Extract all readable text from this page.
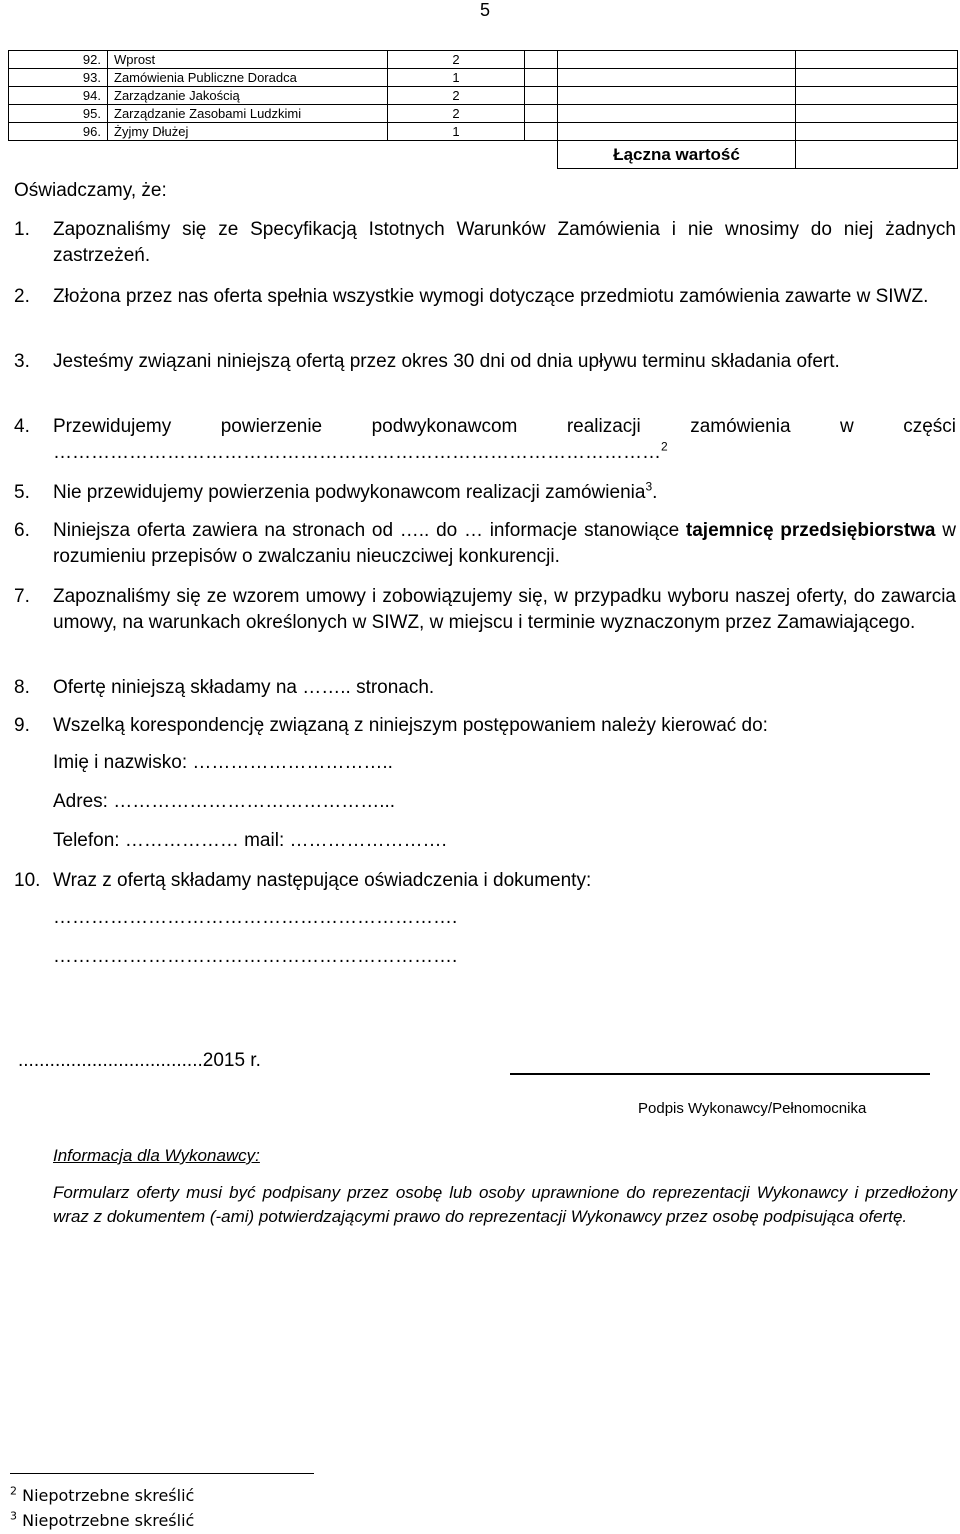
5
92.	Wprost	2			
93.	Zamówienia Publiczne Doradca	1			
94.	Zarządzanie Jakością	2			
95.	Zarządzanie Zasobami Ludzkimi	2			
96.	Żyjmy Dłużej	1			
				Łączna wartość	
Oświadczamy, że:
1. Zapoznaliśmy się ze Specyfikacją Istotnych Warunków Zamówienia i nie wnosimy do niej żadnych zastrzeżeń.
2. Złożona przez nas oferta spełnia wszystkie wymogi dotyczące przedmiotu zamówienia zawarte w SIWZ.
3. Jesteśmy związani niniejszą ofertą przez okres 30 dni od dnia upływu terminu składania ofert.
4. Przewidujemy powierzenie podwykonawcom realizacji zamówienia w części
……………………………………………………………………………………$^2$
5. Nie przewidujemy powierzenia podwykonawcom realizacji zamówienia$^3$.
6. Niniejsza oferta zawiera na stronach od ….. do … informacje stanowiące tajemnicę przedsiębiorstwa w rozumieniu przepisów o zwalczaniu nieuczciwej konkurencji.
7. Zapoznaliśmy się ze wzorem umowy i zobowiązujemy się, w przypadku wyboru naszej oferty, do zawarcia umowy, na warunkach określonych w SIWZ, w miejscu i terminie wyznaczonym przez Zamawiającego.
8. Ofertę niniejszą składamy na …….. stronach.
9. Wszelką korespondencję związaną z niniejszym postępowaniem należy kierować do:
Imię i nazwisko: …………………………..
Adres: ……………………………………...
Telefon: ……………… mail: …………………….
10. Wraz z ofertą składamy następujące oświadczenia i dokumenty:
……………………………………………………….
……………………………………………………….
...................................2015 r.
Podpis Wykonawcy/Pełnomocnika
Informacja dla Wykonawcy:
Formularz oferty musi być podpisany przez osobę lub osoby uprawnione do reprezentacji Wykonawcy i przedłożony wraz z dokumentem (-ami) potwierdzającymi prawo do reprezentacji Wykonawcy przez osobę podpisująca ofertę.
$^2$ Niepotrzebne skreślić
$^3$ Niepotrzebne skreślić
